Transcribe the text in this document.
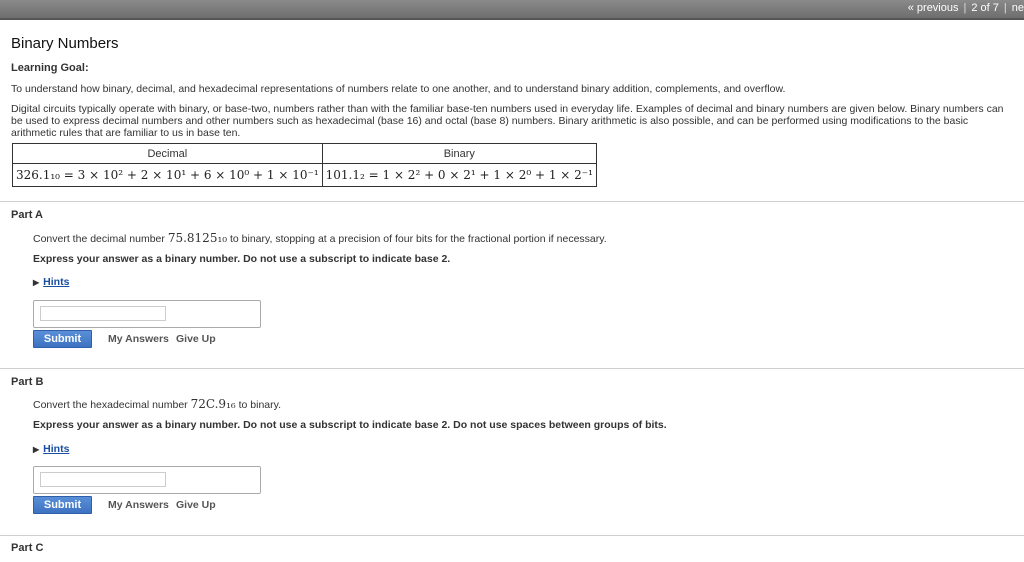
« previous | 2 of 7 | ne
Binary Numbers
Learning Goal:
To understand how binary, decimal, and hexadecimal representations of numbers relate to one another, and to understand binary addition, complements, and overflow.
Digital circuits typically operate with binary, or base-two, numbers rather than with the familiar base-ten numbers used in everyday life. Examples of decimal and binary numbers are given below. Binary numbers can be used to express decimal numbers and other numbers such as hexadecimal (base 16) and octal (base 8) numbers. Binary arithmetic is also possible, and can be performed using modifications to the basic arithmetic rules that are familiar to us in base ten.
Decimal	Binary
326.1₁₀ = 3 × 10² + 2 × 10¹ + 6 × 10⁰ + 1 × 10⁻¹	101.1₂ = 1 × 2² + 0 × 2¹ + 1 × 2⁰ + 1 × 2⁻¹
Part A
Convert the decimal number 75.8125₁₀ to binary, stopping at a precision of four bits for the fractional portion if necessary.
Express your answer as a binary number. Do not use a subscript to indicate base 2.
▶ Hints
Submit	My Answers Give Up
Part B
Convert the hexadecimal number 72C.9₁₆ to binary.
Express your answer as a binary number. Do not use a subscript to indicate base 2. Do not use spaces between groups of bits.
▶ Hints
Submit	My Answers Give Up
Part C
